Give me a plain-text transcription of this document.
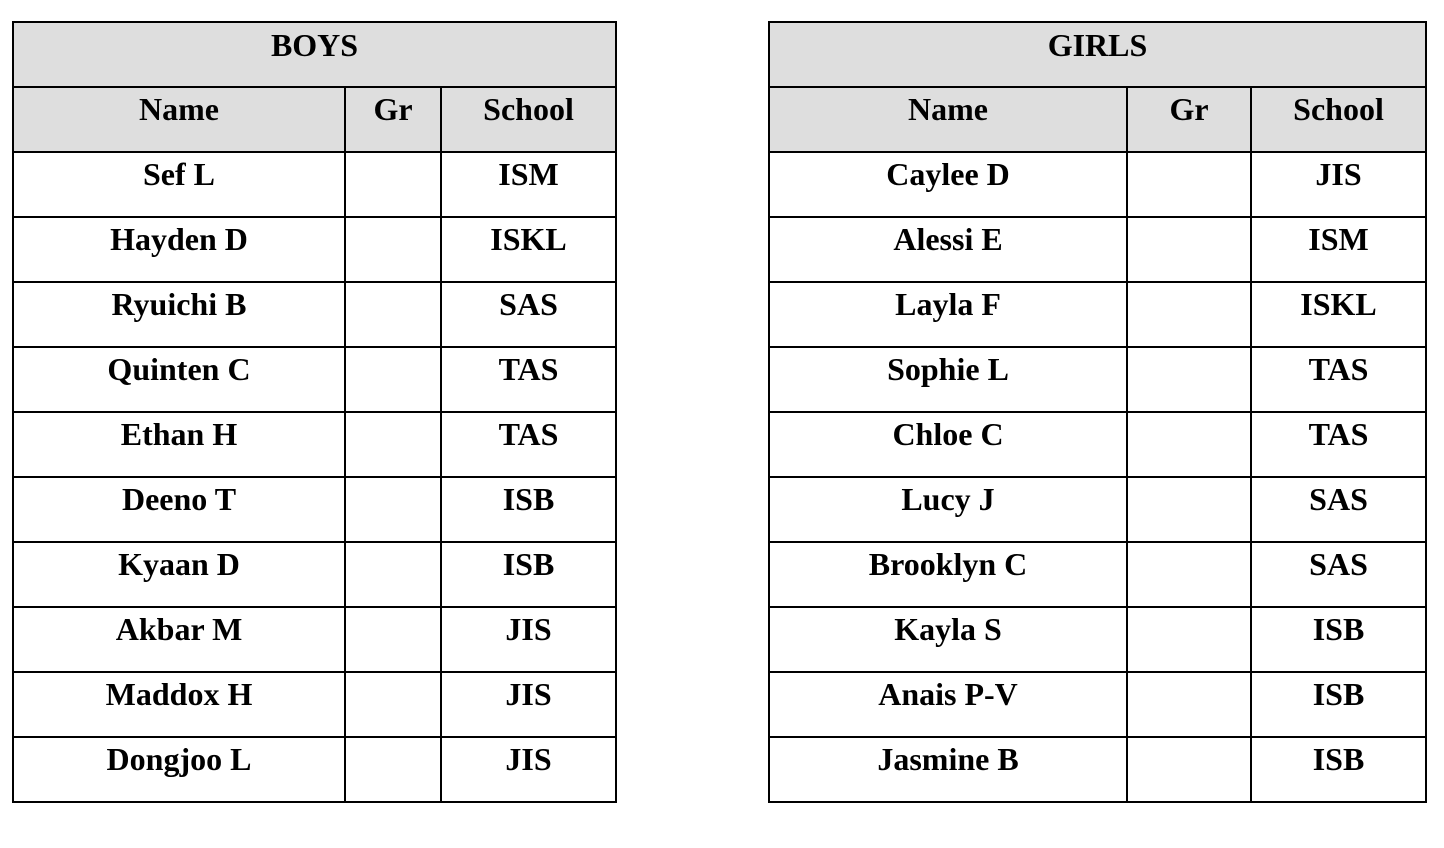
BOYS		
Name	Gr	School
Sef L		ISM
Hayden D		ISKL
Ryuichi B		SAS
Quinten C		TAS
Ethan H		TAS
Deeno T		ISB
Kyaan D		ISB
Akbar M		JIS
Maddox H		JIS
Dongjoo L		JIS
GIRLS		
Name	Gr	School
Caylee D		JIS
Alessi E		ISM
Layla F		ISKL
Sophie L		TAS
Chloe C		TAS
Lucy J		SAS
Brooklyn C		SAS
Kayla S		ISB
Anais P-V		ISB
Jasmine B		ISB
